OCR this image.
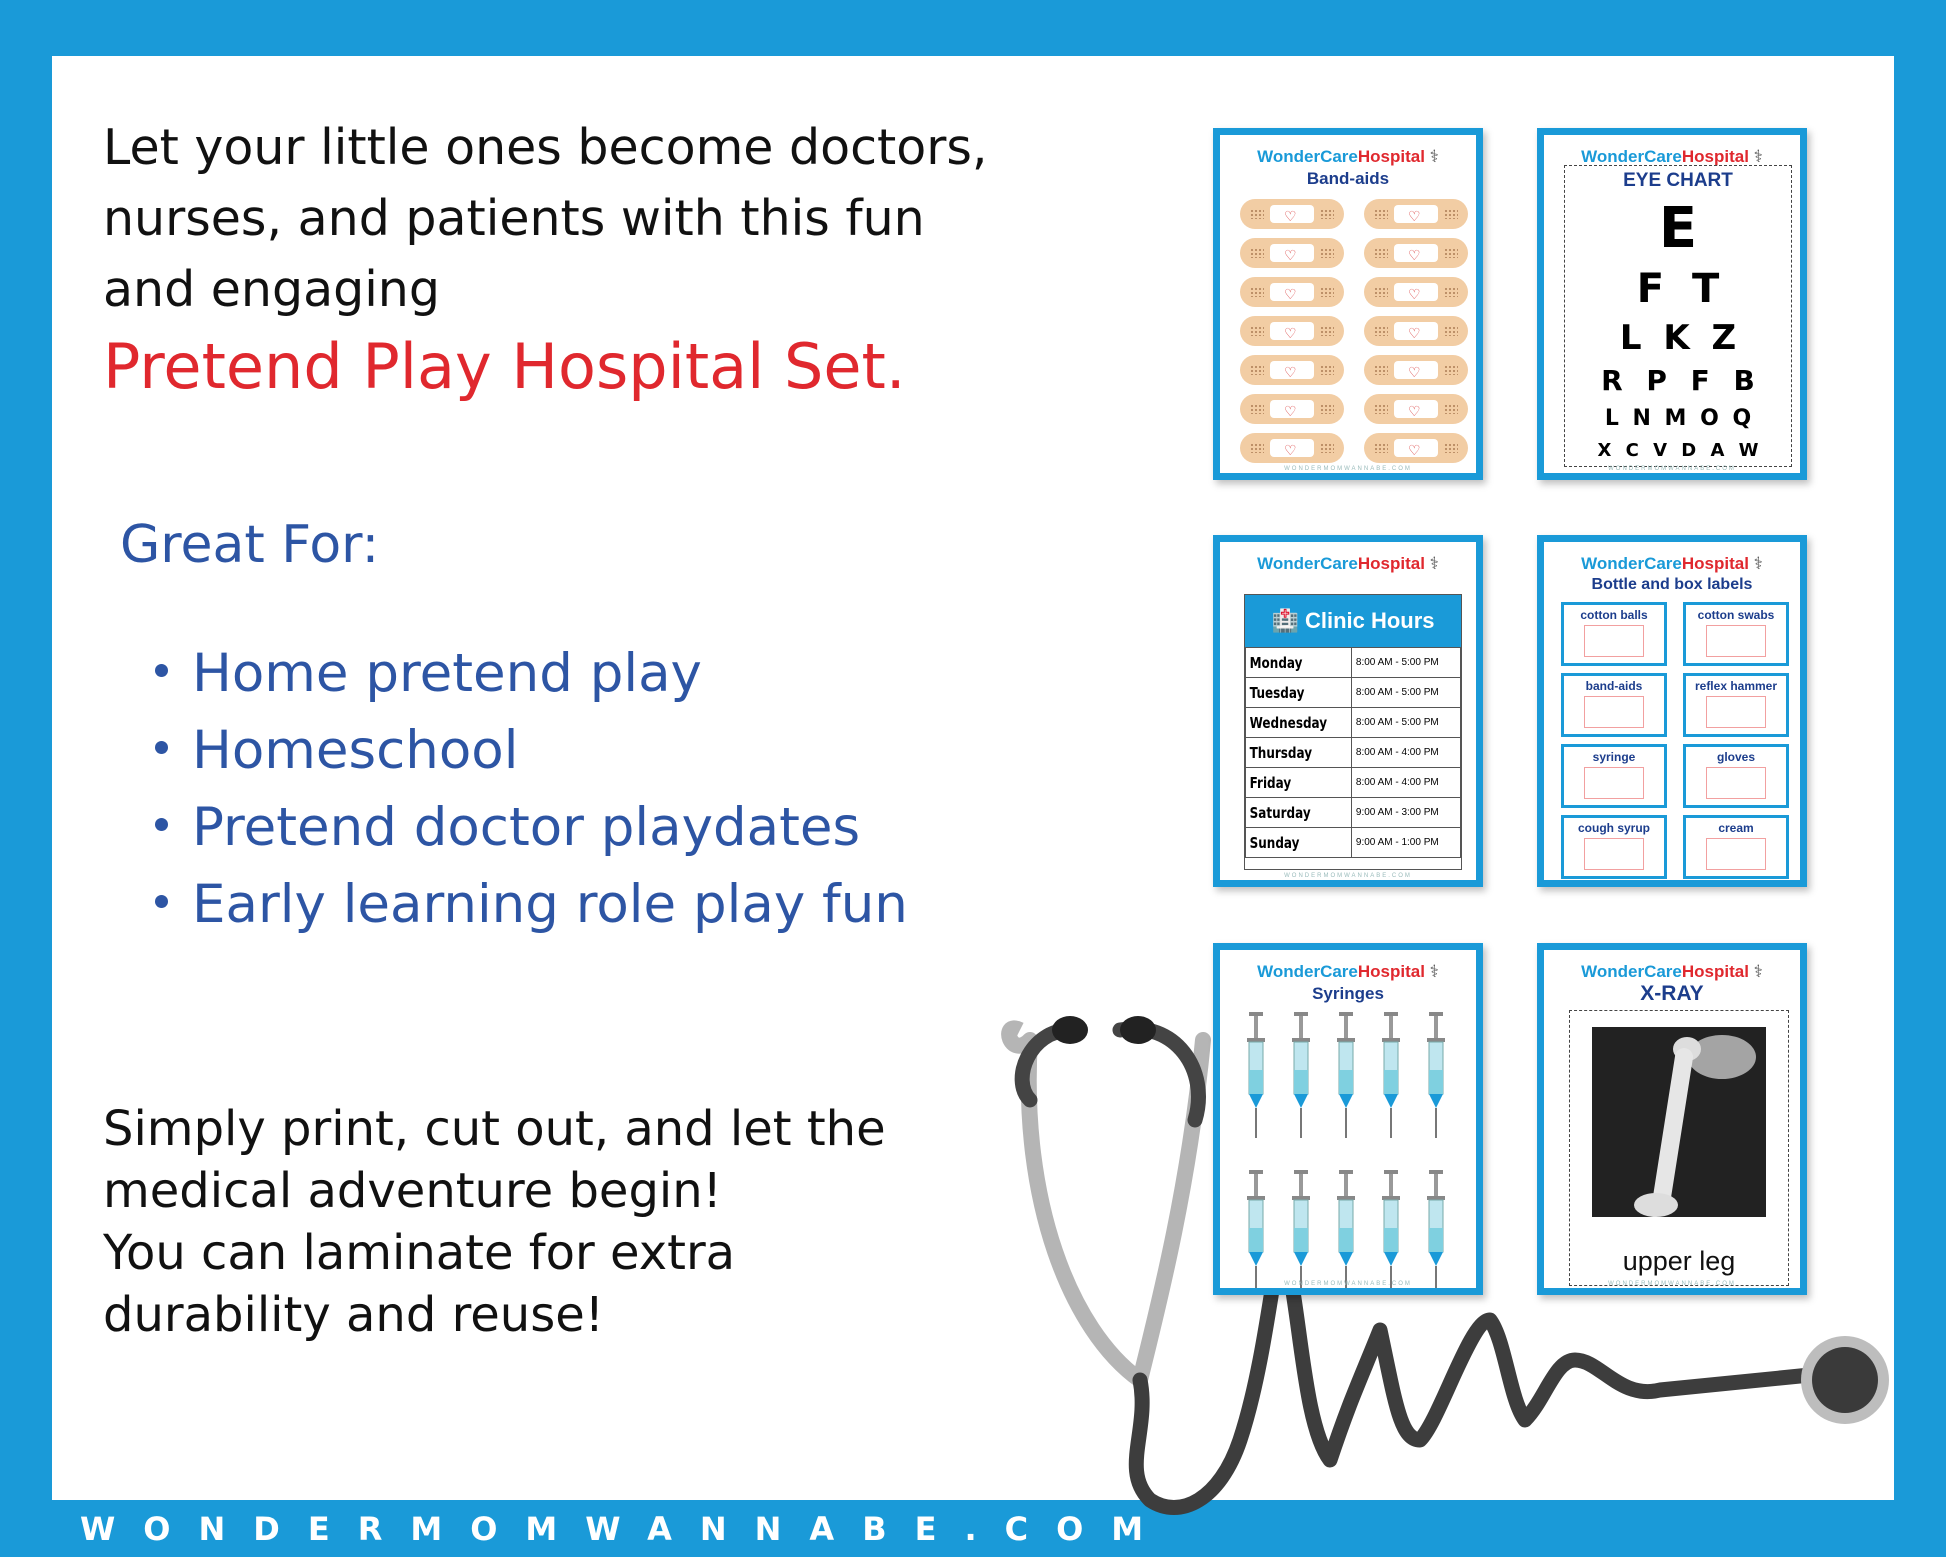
Let your little ones become doctors,
nurses, and patients with this fun
and engaging
Pretend Play Hospital Set.
Great For:
Home pretend play
Homeschool
Pretend doctor playdates
Early learning role play fun
Simply print, cut out, and let the
medical adventure begin!
You can laminate for extra
durability and reuse!
WonderCareHospital ⚕
Band-aids
♡	♡
♡	♡
♡	♡
♡	♡
♡	♡
♡	♡
♡	♡
WONDERMOMWANNABE.COM
WonderCareHospital ⚕
EYE CHART
E
F T
L K Z
R P F B
L N M O Q
X C V D A W
WONDERMOMWANNABE.COM
WonderCareHospital ⚕
🏥 Clinic Hours
Monday	8:00 AM - 5:00 PM
Tuesday	8:00 AM - 5:00 PM
Wednesday	8:00 AM - 5:00 PM
Thursday	8:00 AM - 4:00 PM
Friday	8:00 AM - 4:00 PM
Saturday	9:00 AM - 3:00 PM
Sunday	9:00 AM - 1:00 PM
WONDERMOMWANNABE.COM
WonderCareHospital ⚕
Bottle and box labels
cotton balls	cotton swabs
band-aids	reflex hammer
syringe	gloves
cough syrup	cream
WonderCareHospital ⚕
Syringes
WONDERMOMWANNABE.COM
WonderCareHospital ⚕
X-RAY
upper leg
WONDERMOMWANNABE.COM
WONDERMOMWANNABE.COM
